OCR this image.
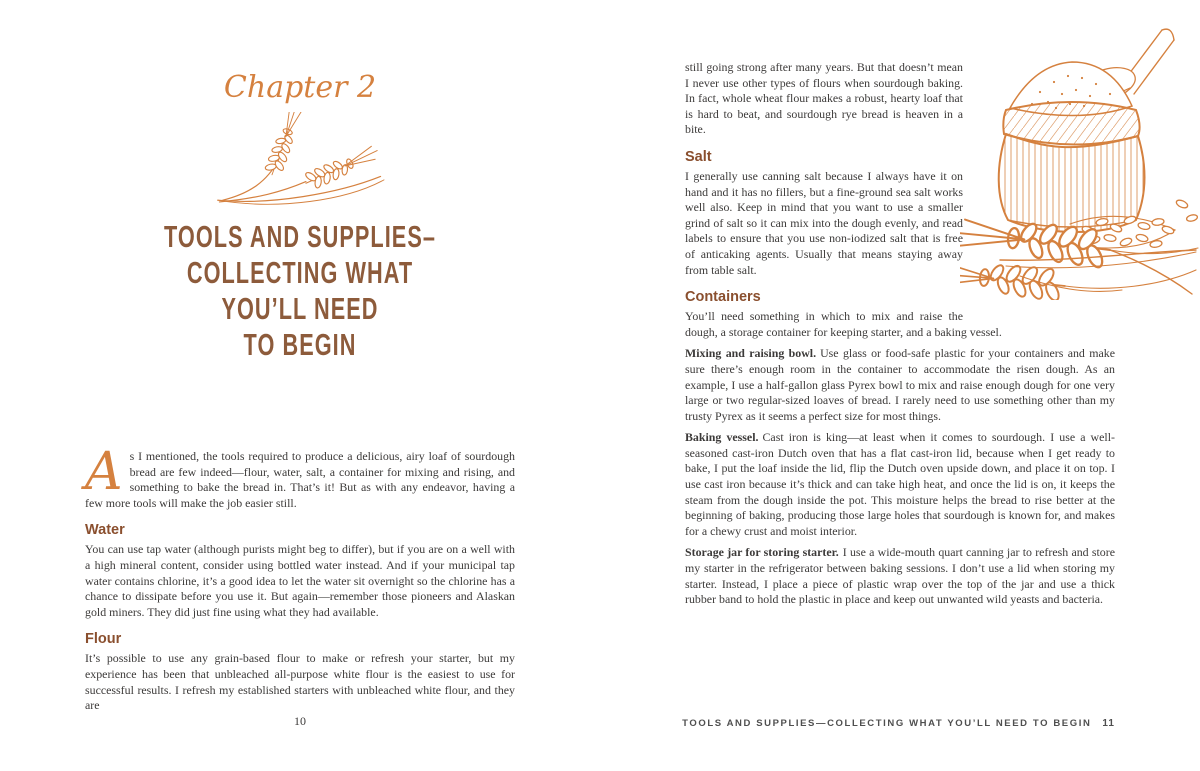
Chapter 2
TOOLS AND SUPPLIES–
COLLECTING WHAT YOU’LL NEED
TO BEGIN

As I mentioned, the tools required to produce a delicious, airy loaf of sourdough bread are few indeed—flour, water, salt, a container for mixing and rising, and something to bake the bread in. That’s it! But as with any endeavor, having a few more tools will make the job easier still.

Water

You can use tap water (although purists might beg to differ), but if you are on a well with a high mineral content, consider using bottled water instead. And if your municipal tap water contains chlorine, it’s a good idea to let the water sit overnight so the chlorine has a chance to dissipate before you use it. But again—remember those pioneers and Alaskan gold miners. They did just fine using what they had available.

Flour

It’s possible to use any grain-based flour to make or refresh your starter, but my experience has been that unbleached all-purpose white flour is the easiest to use for successful results. I refresh my established starters with unbleached white flour, and they are

10

still going strong after many years. But that doesn’t mean I never use other types of flours when sourdough baking. In fact, whole wheat flour makes a robust, hearty loaf that is hard to beat, and sourdough rye bread is heaven in a bite.

Salt

I generally use canning salt because I always have it on hand and it has no fillers, but a fine-ground sea salt works well also. Keep in mind that you want to use a smaller grind of salt so it can mix into the dough evenly, and read labels to ensure that you use non-iodized salt that is free of anticaking agents. Usually that means staying away from table salt.

Containers

You’ll need something in which to mix and raise the dough, a storage container for keeping starter, and a baking vessel.

Mixing and raising bowl. Use glass or food-safe plastic for your containers and make sure there’s enough room in the container to accommodate the risen dough. As an example, I use a half-gallon glass Pyrex bowl to mix and raise enough dough for one very large or two regular-sized loaves of bread. I rarely need to use something other than my trusty Pyrex as it seems a perfect size for most things.

Baking vessel. Cast iron is king—at least when it comes to sourdough. I use a well-seasoned cast-iron Dutch oven that has a flat cast-iron lid, because when I get ready to bake, I put the loaf inside the lid, flip the Dutch oven upside down, and place it on top. I use cast iron because it’s thick and can take high heat, and once the lid is on, it keeps the steam from the dough inside the pot. This moisture helps the bread to rise better at the beginning of baking, producing those large holes that sourdough is known for, and makes for a chewy crust and moist interior.

Storage jar for storing starter. I use a wide-mouth quart canning jar to refresh and store my starter in the refrigerator between baking sessions. I don’t use a lid when storing my starter. Instead, I place a piece of plastic wrap over the top of the jar and use a thick rubber band to hold the plastic in place and keep out unwanted wild yeasts and bacteria.

TOOLS AND SUPPLIES—COLLECTING WHAT YOU’LL NEED TO BEGIN 11
